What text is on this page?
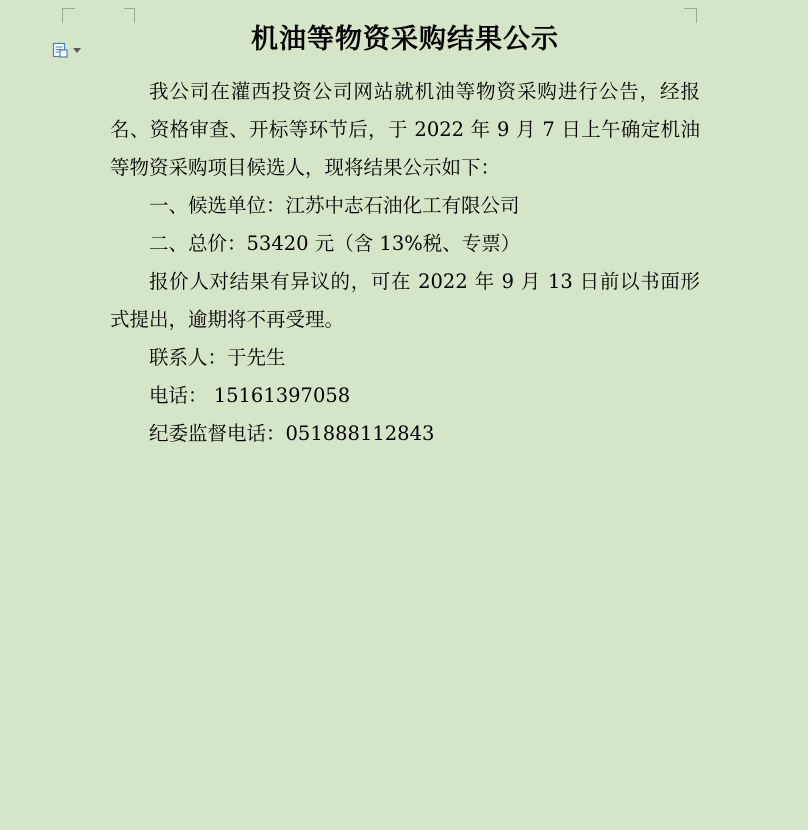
机油等物资采购结果公示

我公司在灌西投资公司网站就机油等物资采购进行公告，经报名、资格审查、开标等环节后，于 2022 年 9 月 7 日上午确定机油等物资采购项目候选人，现将结果公示如下：

一、候选单位：江苏中志石油化工有限公司

二、总价：53420 元（含 13%税、专票）

报价人对结果有异议的，可在 2022 年 9 月 13 日前以书面形式提出，逾期将不再受理。

联系人：于先生

电话： 15161397058

纪委监督电话：051888112843
